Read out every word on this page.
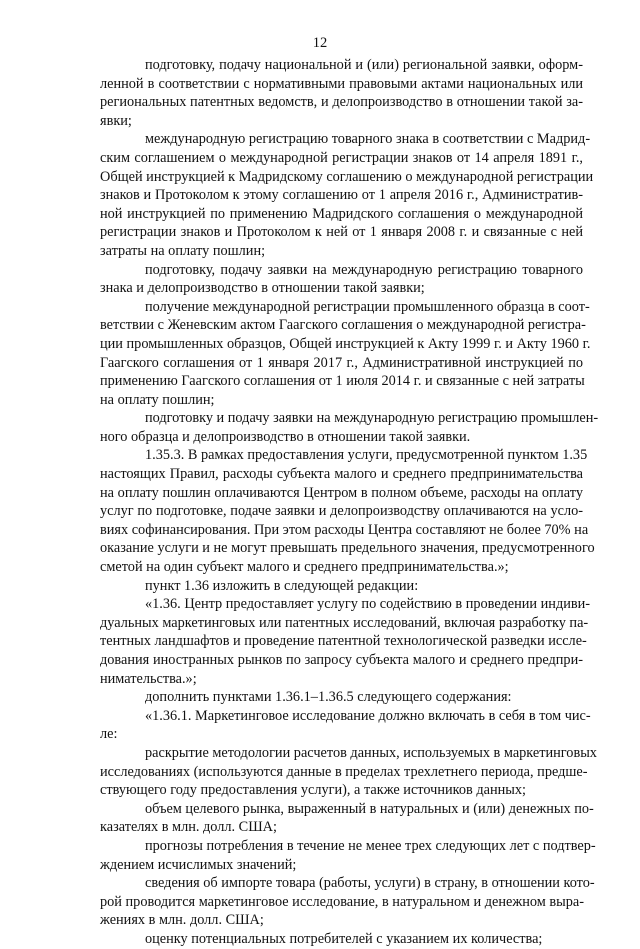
12
подготовку, подачу национальной и (или) региональной заявки, оформ-
ленной в соответствии с нормативными правовыми актами национальных или
региональных патентных ведомств, и делопроизводство в отношении такой за-
явки;
международную регистрацию товарного знака в соответствии с Мадрид-
ским соглашением о международной регистрации знаков от 14 апреля 1891 г.,
Общей инструкцией к Мадридскому соглашению о международной регистрации
знаков и Протоколом к этому соглашению от 1 апреля 2016 г., Административ-
ной инструкцией по применению Мадридского соглашения о международной
регистрации знаков и Протоколом к ней от 1 января 2008 г. и связанные с ней
затраты на оплату пошлин;
подготовку, подачу заявки на международную регистрацию товарного
знака и делопроизводство в отношении такой заявки;
получение международной регистрации промышленного образца в соот-
ветствии с Женевским актом Гаагского соглашения о международной регистра-
ции промышленных образцов, Общей инструкцией к Акту 1999 г. и Акту 1960 г.
Гаагского соглашения от 1 января 2017 г., Административной инструкцией по
применению Гаагского соглашения от 1 июля 2014 г. и связанные с ней затраты
на оплату пошлин;
подготовку и подачу заявки на международную регистрацию промышлен-
ного образца и делопроизводство в отношении такой заявки.
1.35.3. В рамках предоставления услуги, предусмотренной пунктом 1.35
настоящих Правил, расходы субъекта малого и среднего предпринимательства
на оплату пошлин оплачиваются Центром в полном объеме, расходы на оплату
услуг по подготовке, подаче заявки и делопроизводству оплачиваются на усло-
виях софинансирования. При этом расходы Центра составляют не более 70% на
оказание услуги и не могут превышать предельного значения, предусмотренного
сметой на один субъект малого и среднего предпринимательства.»;
пункт 1.36 изложить в следующей редакции:
«1.36. Центр предоставляет услугу по содействию в проведении индиви-
дуальных маркетинговых или патентных исследований, включая разработку па-
тентных ландшафтов и проведение патентной технологической разведки иссле-
дования иностранных рынков по запросу субъекта малого и среднего предпри-
нимательства.»;
дополнить пунктами 1.36.1–1.36.5 следующего содержания:
«1.36.1. Маркетинговое исследование должно включать в себя в том чис-
ле:
раскрытие методологии расчетов данных, используемых в маркетинговых
исследованиях (используются данные в пределах трехлетнего периода, предше-
ствующего году предоставления услуги), а также источников данных;
объем целевого рынка, выраженный в натуральных и (или) денежных по-
казателях в млн. долл. США;
прогнозы потребления в течение не менее трех следующих лет с подтвер-
ждением исчислимых значений;
сведения об импорте товара (работы, услуги) в страну, в отношении кото-
рой проводится маркетинговое исследование, в натуральном и денежном выра-
жениях в млн. долл. США;
оценку потенциальных потребителей с указанием их количества;
